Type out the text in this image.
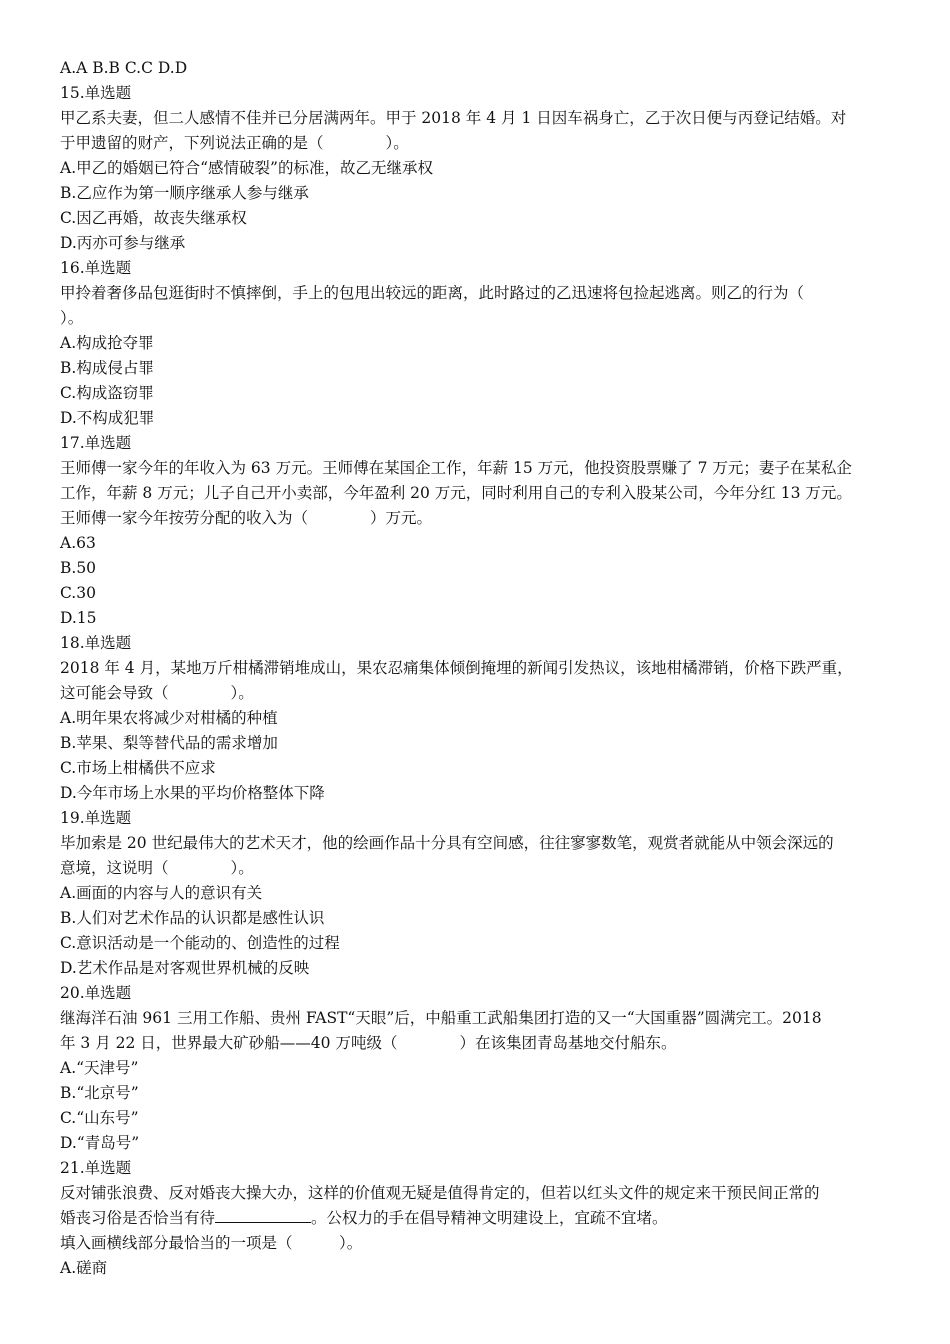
A.A B.B C.C D.D
15.单选题
甲乙系夫妻，但二人感情不佳并已分居满两年。甲于 2018 年 4 月 1 日因车祸身亡，乙于次日便与丙登记结婚。对
于甲遗留的财产，下列说法正确的是（　　　　）。
A.甲乙的婚姻已符合“感情破裂”的标准，故乙无继承权
B.乙应作为第一顺序继承人参与继承
C.因乙再婚，故丧失继承权
D.丙亦可参与继承
16.单选题
甲拎着奢侈品包逛街时不慎摔倒，手上的包甩出较远的距离，此时路过的乙迅速将包捡起逃离。则乙的行为（
）。
A.构成抢夺罪
B.构成侵占罪
C.构成盗窃罪
D.不构成犯罪
17.单选题
王师傅一家今年的年收入为 63 万元。王师傅在某国企工作，年薪 15 万元，他投资股票赚了 7 万元；妻子在某私企
工作，年薪 8 万元；儿子自己开小卖部，今年盈利 20 万元，同时利用自己的专利入股某公司，今年分红 13 万元。
王师傅一家今年按劳分配的收入为（　　　　）万元。
A.63
B.50
C.30
D.15
18.单选题
2018 年 4 月，某地万斤柑橘滞销堆成山，果农忍痛集体倾倒掩埋的新闻引发热议，该地柑橘滞销，价格下跌严重，
这可能会导致（　　　　）。
A.明年果农将减少对柑橘的种植
B.苹果、梨等替代品的需求增加
C.市场上柑橘供不应求
D.今年市场上水果的平均价格整体下降
19.单选题
毕加索是 20 世纪最伟大的艺术天才，他的绘画作品十分具有空间感，往往寥寥数笔，观赏者就能从中领会深远的
意境，这说明（　　　　）。
A.画面的内容与人的意识有关
B.人们对艺术作品的认识都是感性认识
C.意识活动是一个能动的、创造性的过程
D.艺术作品是对客观世界机械的反映
20.单选题
继海洋石油 961 三用工作船、贵州 FAST“天眼”后，中船重工武船集团打造的又一“大国重器”圆满完工。2018
年 3 月 22 日，世界最大矿砂船——40 万吨级（　　　　）在该集团青岛基地交付船东。
A.“天津号”
B.“北京号”
C.“山东号”
D.“青岛号”
21.单选题
反对铺张浪费、反对婚丧大操大办，这样的价值观无疑是值得肯定的，但若以红头文件的规定来干预民间正常的
婚丧习俗是否恰当有待	。公权力的手在倡导精神文明建设上，宜疏不宜堵。
填入画横线部分最恰当的一项是（　　　）。
A.磋商
